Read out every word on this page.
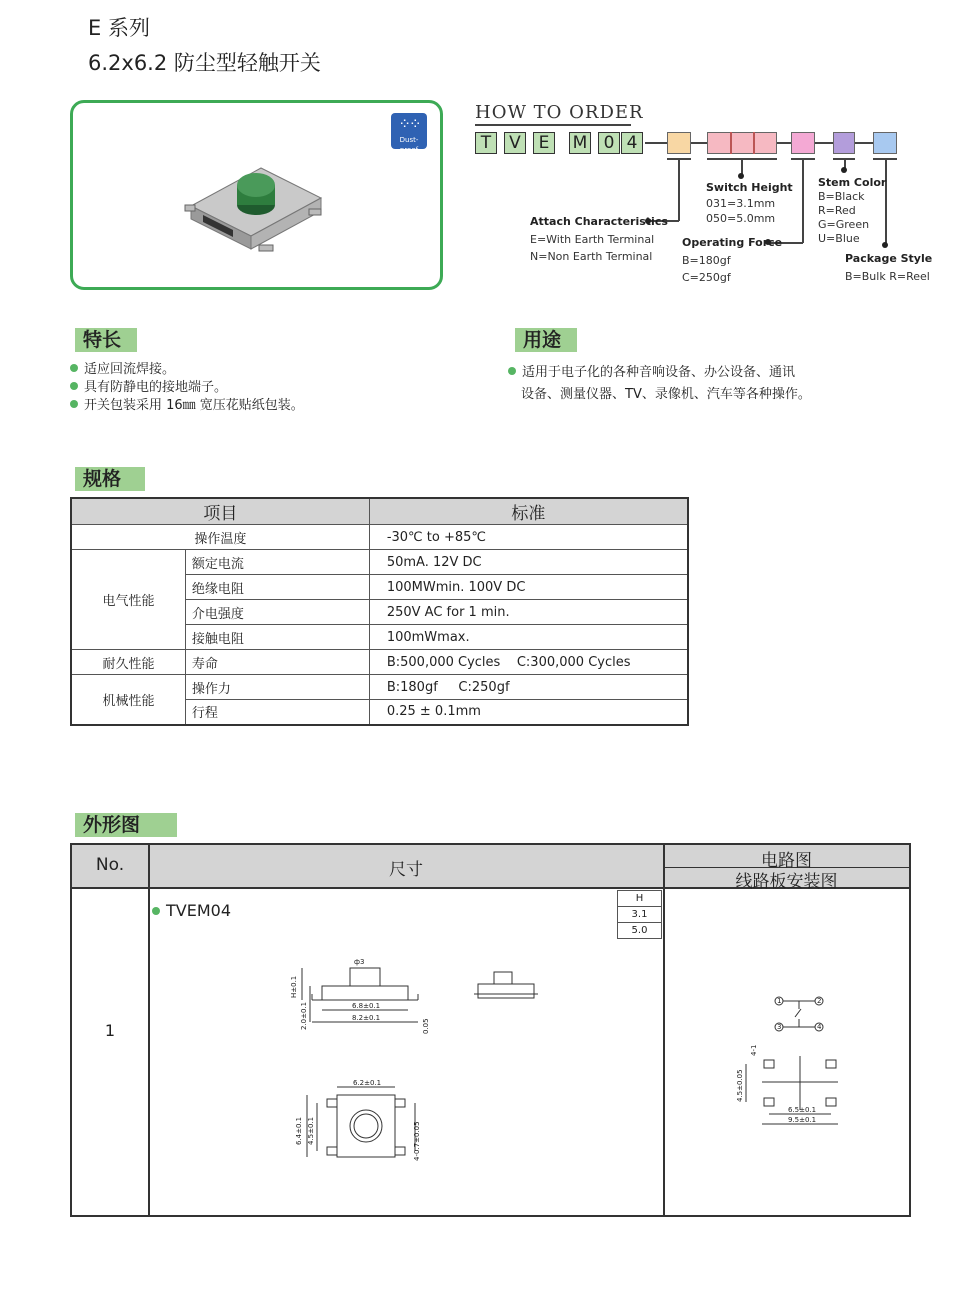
E 系列
6.2x6.2 防尘型轻触开关
⁘⁘
Dust-proof
HOW TO ORDER
T	V	E	M 0 4
Switch Height
031=3.1mm
050=5.0mm
Attach Characteristics
E=With Earth Terminal
N=Non Earth Terminal
Operating Force
B=180gf
C=250gf
Stem Color
B=Black
R=Red
G=Green
U=Blue
Package Style
B=Bulk R=Reel
特长
适应回流焊接。
具有防静电的接地端子。
开关包装采用 16㎜ 宽压花贴纸包装。
用途
适用于电子化的各种音响设备、办公设备、通讯
设备、测量仪器、TV、录像机、汽车等各种操作。
规格
项目		标准
操作温度		-30℃ to +85℃
电气性能	额定电流	50mA. 12V DC
	绝缘电阻	100MWmin. 100V DC
	介电强度	250V AC for 1 min.
	接触电阻	100mWmax.
耐久性能	寿命	B:500,000 Cycles    C:300,000 Cycles
机械性能	操作力	B:180gf     C:250gf
	行程	0.25 ± 0.1mm
外形图
No.	尺寸	电路图
线路板安装图
1
TVEM04
H
3.1
5.0
ф3
H±0.1
2.0±0.1	6.8±0.1
8.2±0.1
0.05
6.2±0.1
6.4±0.1 4.5±0.1	4-0.7±0.05
1	2
3	4
4.5±0.05
4-1
6.5±0.1
9.5±0.1
